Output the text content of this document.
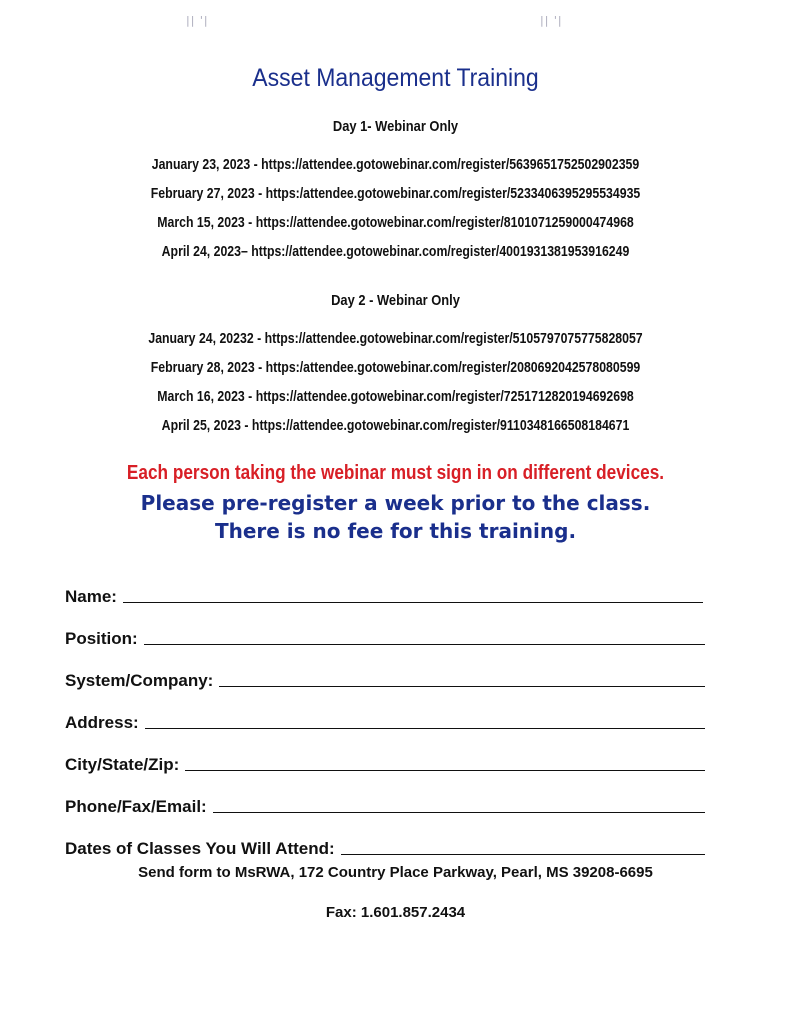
|| '|	|| '|
Asset Management Training
Day 1- Webinar Only
January 23, 2023 - https://attendee.gotowebinar.com/register/5639651752502902359
February 27, 2023 - https:/attendee.gotowebinar.com/register/5233406395295534935
March 15, 2023 - https://attendee.gotowebinar.com/register/8101071259000474968
April 24, 2023– https://attendee.gotowebinar.com/register/4001931381953916249
Day 2 - Webinar Only
January 24, 20232 - https://attendee.gotowebinar.com/register/5105797075775828057
February 28, 2023 - https:/attendee.gotowebinar.com/register/2080692042578080599
March 16, 2023 - https://attendee.gotowebinar.com/register/7251712820194692698
April 25, 2023 - https://attendee.gotowebinar.com/register/9110348166508184671
Each person taking the webinar must sign in on different devices.
Please pre-register a week prior to the class.
There is no fee for this training.
Name:
Position:
System/Company:
Address:
City/State/Zip:
Phone/Fax/Email:
Dates of Classes You Will Attend:
Send form to MsRWA, 172 Country Place Parkway, Pearl, MS 39208-6695
Fax: 1.601.857.2434
